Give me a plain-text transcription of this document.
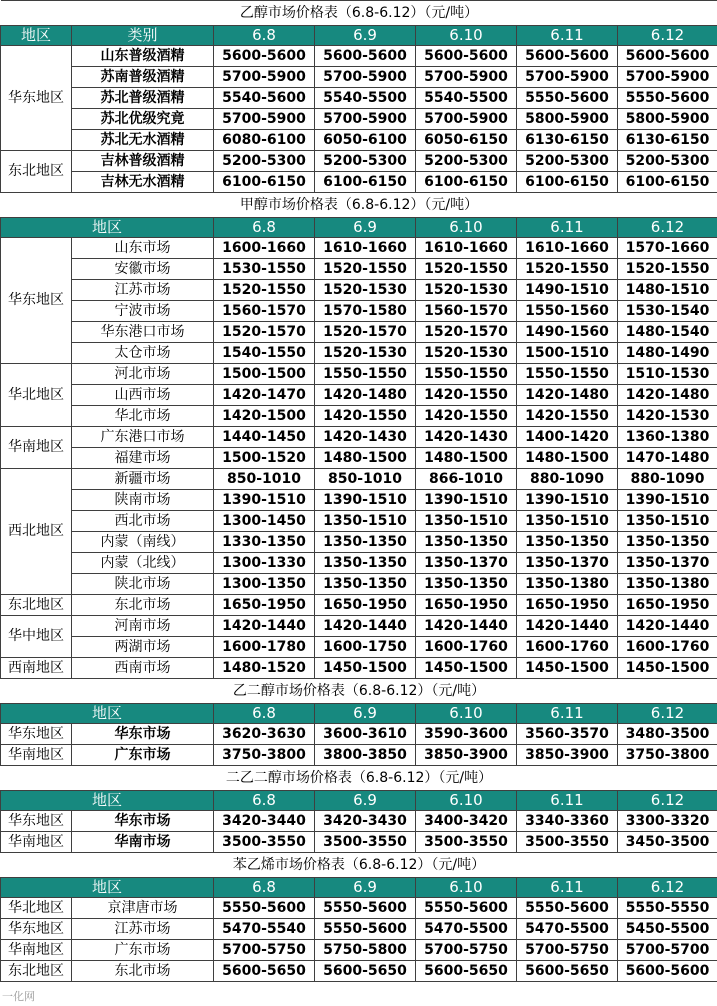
乙醇市场价格表（6.8-6.12）（元/吨）						
地区	类别	6.8	6.9	6.10	6.11	6.12
华东地区	山东普级酒精	5600-5600	5600-5600	5600-5600	5600-5600	5600-5600
	苏南普级酒精	5700-5900	5700-5900	5700-5900	5700-5900	5700-5900
	苏北普级酒精	5540-5600	5540-5500	5540-5500	5550-5600	5550-5600
	苏北优级究竟	5700-5900	5700-5900	5700-5900	5800-5900	5800-5900
	苏北无水酒精	6080-6100	6050-6100	6050-6150	6130-6150	6130-6150
东北地区	吉林普级酒精	5200-5300	5200-5300	5200-5300	5200-5300	5200-5300
	吉林无水酒精	6100-6150	6100-6150	6100-6150	6100-6150	6100-6150
甲醇市场价格表（6.8-6.12）（元/吨）						
地区		6.8	6.9	6.10	6.11	6.12
华东地区	山东市场	1600-1660	1610-1660	1610-1660	1610-1660	1570-1660
	安徽市场	1530-1550	1520-1550	1520-1550	1520-1550	1520-1550
	江苏市场	1520-1550	1520-1530	1520-1530	1490-1510	1480-1510
	宁波市场	1560-1570	1570-1580	1560-1570	1550-1560	1530-1540
	华东港口市场	1520-1570	1520-1570	1520-1570	1490-1560	1480-1540
	太仓市场	1540-1550	1520-1530	1520-1530	1500-1510	1480-1490
华北地区	河北市场	1500-1500	1550-1550	1550-1550	1550-1550	1510-1530
	山西市场	1420-1470	1420-1480	1420-1550	1420-1480	1420-1480
	华北市场	1420-1500	1420-1550	1420-1550	1420-1550	1420-1530
华南地区	广东港口市场	1440-1450	1420-1430	1420-1430	1400-1420	1360-1380
	福建市场	1500-1520	1480-1500	1480-1500	1480-1500	1470-1480
西北地区	新疆市场	850-1010	850-1010	866-1010	880-1090	880-1090
	陕南市场	1390-1510	1390-1510	1390-1510	1390-1510	1390-1510
	西北市场	1300-1450	1350-1510	1350-1510	1350-1510	1350-1510
	内蒙（南线）	1330-1350	1350-1350	1350-1350	1350-1350	1350-1350
	内蒙（北线）	1300-1330	1350-1350	1350-1370	1350-1370	1350-1370
	陕北市场	1300-1350	1350-1350	1350-1350	1350-1380	1350-1380
东北地区	东北市场	1650-1950	1650-1950	1650-1950	1650-1950	1650-1950
华中地区	河南市场	1420-1440	1420-1440	1420-1440	1420-1440	1420-1440
	两湖市场	1600-1780	1600-1750	1600-1760	1600-1760	1600-1760
西南地区	西南市场	1480-1520	1450-1500	1450-1500	1450-1500	1450-1500
乙二醇市场价格表（6.8-6.12）（元/吨）						
地区		6.8	6.9	6.10	6.11	6.12
华东地区	华东市场	3620-3630	3600-3610	3590-3600	3560-3570	3480-3500
华南地区	广东市场	3750-3800	3800-3850	3850-3900	3850-3900	3750-3800
二乙二醇市场价格表（6.8-6.12）（元/吨）						
地区		6.8	6.9	6.10	6.11	6.12
华东地区	华东市场	3420-3440	3420-3430	3400-3420	3340-3360	3300-3320
华南地区	华南市场	3500-3550	3500-3550	3500-3550	3500-3550	3450-3500
苯乙烯市场价格表（6.8-6.12）（元/吨）						
地区		6.8	6.9	6.10	6.11	6.12
华北地区	京津唐市场	5550-5600	5550-5600	5550-5600	5550-5600	5550-5550
华东地区	江苏市场	5470-5540	5550-5600	5470-5500	5470-5500	5450-5500
华南地区	广东市场	5700-5750	5750-5800	5700-5750	5700-5750	5700-5700
东北地区	东北市场	5600-5650	5600-5650	5600-5650	5600-5650	5600-5600
一化网
